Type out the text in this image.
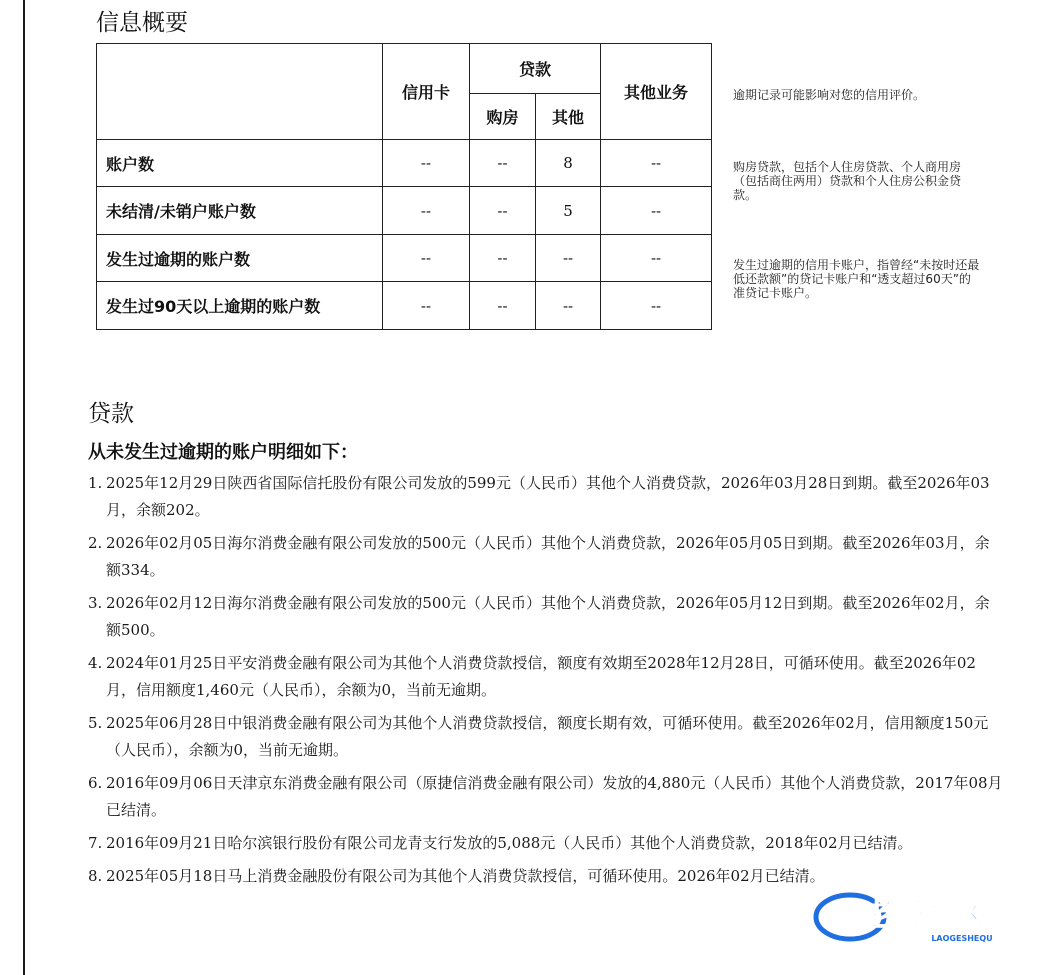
信息概要
	信用卡	贷款		其他业务
		购房	其他	
账户数	--	--	8	--
未结清/未销户账户数	--	--	5	--
发生过逾期的账户数	--	--	--	--
发生过90天以上逾期的账户数	--	--	--	--

逾期记录可能影响对您的信用评价。

购房贷款，包括个人住房贷款、个人商用房（包括商住两用）贷款和个人住房公积金贷款。

发生过逾期的信用卡账户，指曾经“未按时还最低还款额”的贷记卡账户和“透支超过60天”的准贷记卡账户。

贷款

从未发生过逾期的账户明细如下：

1. 2025年12月29日陕西省国际信托股份有限公司发放的599元（人民币）其他个人消费贷款，2026年03月28日到期。截至2026年03月，余额202。
2. 2026年02月05日海尔消费金融有限公司发放的500元（人民币）其他个人消费贷款，2026年05月05日到期。截至2026年03月，余额334。
3. 2026年02月12日海尔消费金融有限公司发放的500元（人民币）其他个人消费贷款，2026年05月12日到期。截至2026年02月，余额500。
4. 2024年01月25日平安消费金融有限公司为其他个人消费贷款授信，额度有效期至2028年12月28日，可循环使用。截至2026年02月，信用额度1,460元（人民币），余额为0，当前无逾期。
5. 2025年06月28日中银消费金融有限公司为其他个人消费贷款授信，额度长期有效，可循环使用。截至2026年02月，信用额度150元（人民币），余额为0，当前无逾期。
6. 2016年09月06日天津京东消费金融有限公司（原捷信消费金融有限公司）发放的4,880元（人民币）其他个人消费贷款，2017年08月已结清。
7. 2016年09月21日哈尔滨银行股份有限公司龙青支行发放的5,088元（人民币）其他个人消费贷款，2018年02月已结清。
8. 2025年05月18日马上消费金融股份有限公司为其他个人消费贷款授信，可循环使用。2026年02月已结清。
老哥社区
LAOGESHEQU
